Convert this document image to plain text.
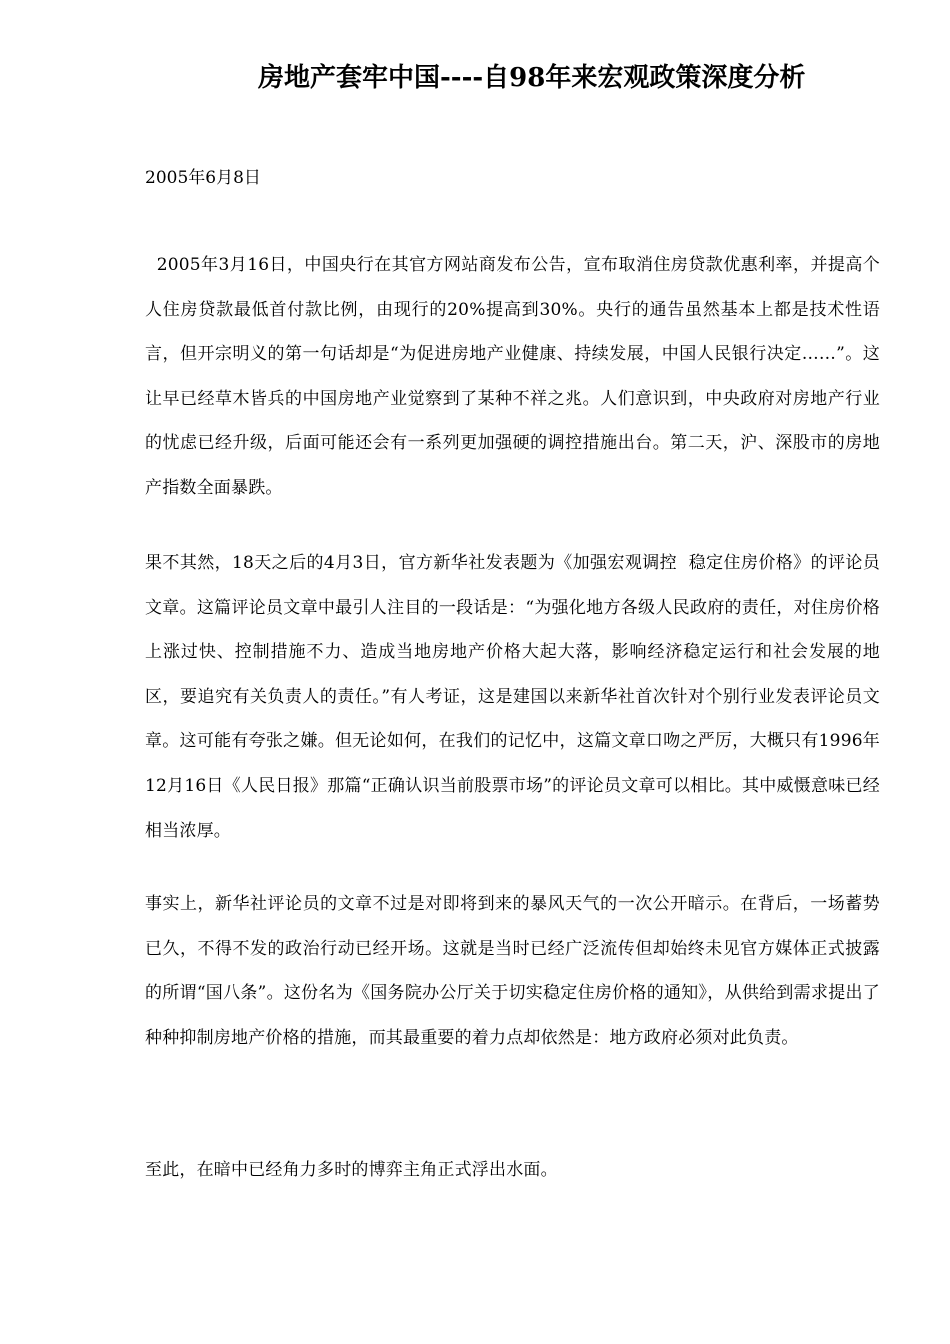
房地产套牢中国----自98年来宏观政策深度分析

2005年6月8日

2005年3月16日，中国央行在其官方网站商发布公告，宣布取消住房贷款优惠利率，并提高个人住房贷款最低首付款比例，由现行的20%提高到30%。央行的通告虽然基本上都是技术性语言，但开宗明义的第一句话却是“为促进房地产业健康、持续发展，中国人民银行决定……”。这让早已经草木皆兵的中国房地产业觉察到了某种不祥之兆。人们意识到，中央政府对房地产行业的忧虑已经升级，后面可能还会有一系列更加强硬的调控措施出台。第二天，沪、深股市的房地产指数全面暴跌。

果不其然，18天之后的4月3日，官方新华社发表题为《加强宏观调控  稳定住房价格》的评论员文章。这篇评论员文章中最引人注目的一段话是：“为强化地方各级人民政府的责任，对住房价格上涨过快、控制措施不力、造成当地房地产价格大起大落，影响经济稳定运行和社会发展的地区，要追究有关负责人的责任。”有人考证，这是建国以来新华社首次针对个别行业发表评论员文章。这可能有夸张之嫌。但无论如何，在我们的记忆中，这篇文章口吻之严厉，大概只有1996年12月16日《人民日报》那篇“正确认识当前股票市场”的评论员文章可以相比。其中威慑意味已经相当浓厚。

事实上，新华社评论员的文章不过是对即将到来的暴风天气的一次公开暗示。在背后，一场蓄势已久，不得不发的政治行动已经开场。这就是当时已经广泛流传但却始终未见官方媒体正式披露的所谓“国八条”。这份名为《国务院办公厅关于切实稳定住房价格的通知》，从供给到需求提出了种种抑制房地产价格的措施，而其最重要的着力点却依然是：地方政府必须对此负责。

至此，在暗中已经角力多时的博弈主角正式浮出水面。
